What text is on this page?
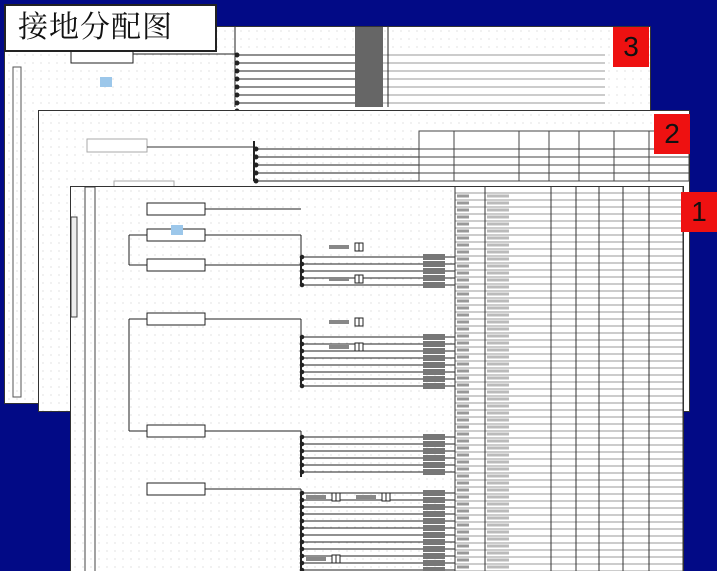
3
2
1
接地分配图
